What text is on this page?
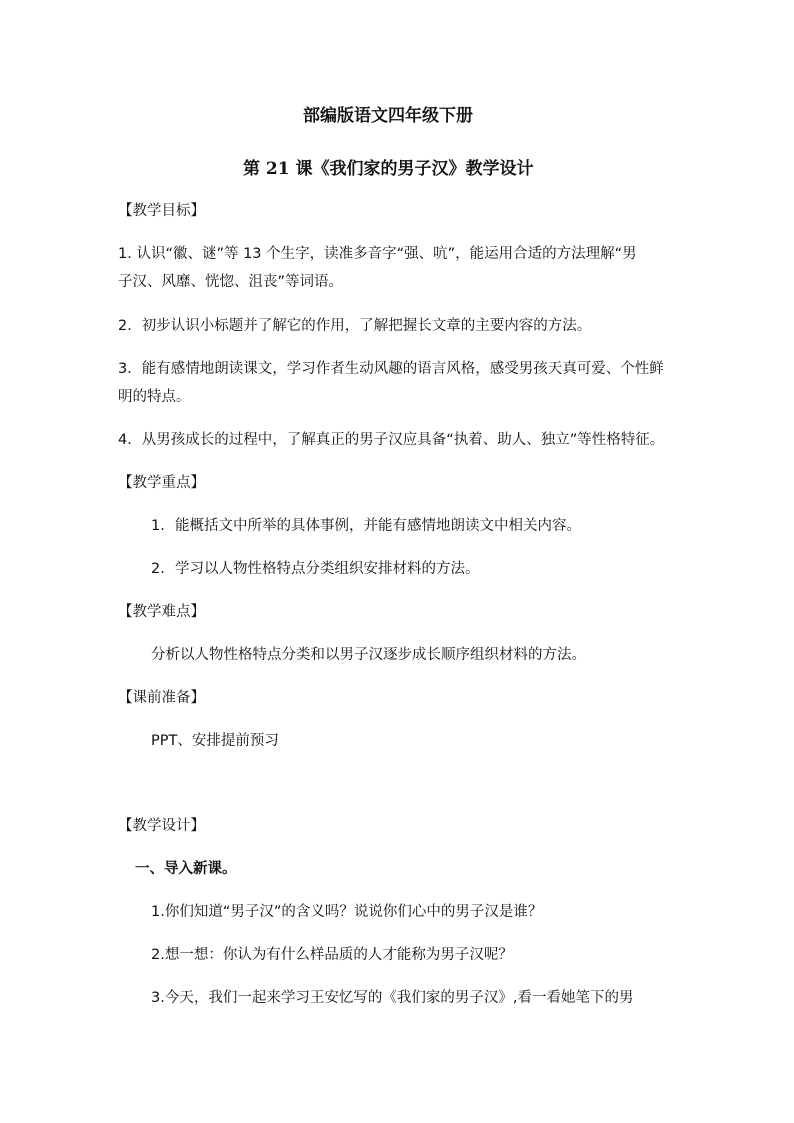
部编版语文四年级下册
第 21 课《我们家的男子汉》教学设计
【教学目标】
1. 认识“徽、谜”等 13 个生字，读准多音字“强、吭”，能运用合适的方法理解“男
子汉、风靡、恍惚、沮丧”等词语。
2．初步认识小标题并了解它的作用，了解把握长文章的主要内容的方法。
3．能有感情地朗读课文，学习作者生动风趣的语言风格，感受男孩天真可爱、个性鲜
明的特点。
4．从男孩成长的过程中，了解真正的男子汉应具备“执着、助人、独立”等性格特征。
【教学重点】
1. 能概括文中所举的具体事例，并能有感情地朗读文中相关内容。
2. 学习以人物性格特点分类组织安排材料的方法。
【教学难点】
分析以人物性格特点分类和以男子汉逐步成长顺序组织材料的方法。
【课前准备】
PPT、安排提前预习
【教学设计】
一、导入新课。
1.你们知道“男子汉”的含义吗？说说你们心中的男子汉是谁？
2.想一想：你认为有什么样品质的人才能称为男子汉呢？
3.今天，我们一起来学习王安忆写的《我们家的男子汉》,看一看她笔下的男
